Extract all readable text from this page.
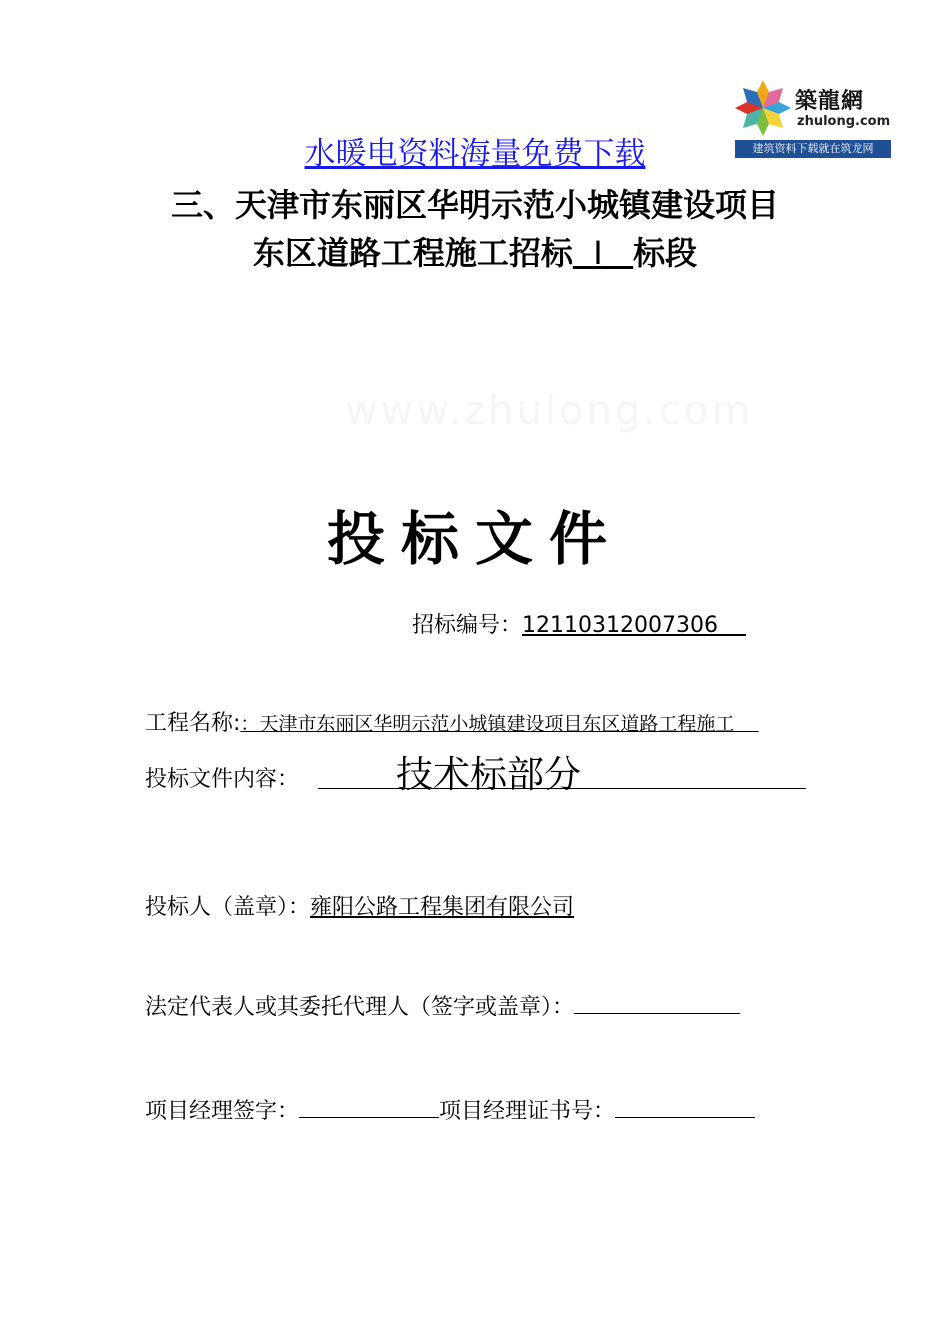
築龍網
zhulong.com
建筑资料下载就在筑龙网
水暖电资料海量免费下载
三、天津市东丽区华明示范小城镇建设项目
东区道路工程施工招标 Ⅰ 标段
www.zhulong.com
投标文件
招标编号：12110312007306
工程名称:：天津市东丽区华明示范小城镇建设项目东区道路工程施工
投标文件内容：	技术标部分
投标人（盖章）：雍阳公路工程集团有限公司
法定代表人或其委托代理人（签字或盖章）：
项目经理签字：	项目经理证书号：
